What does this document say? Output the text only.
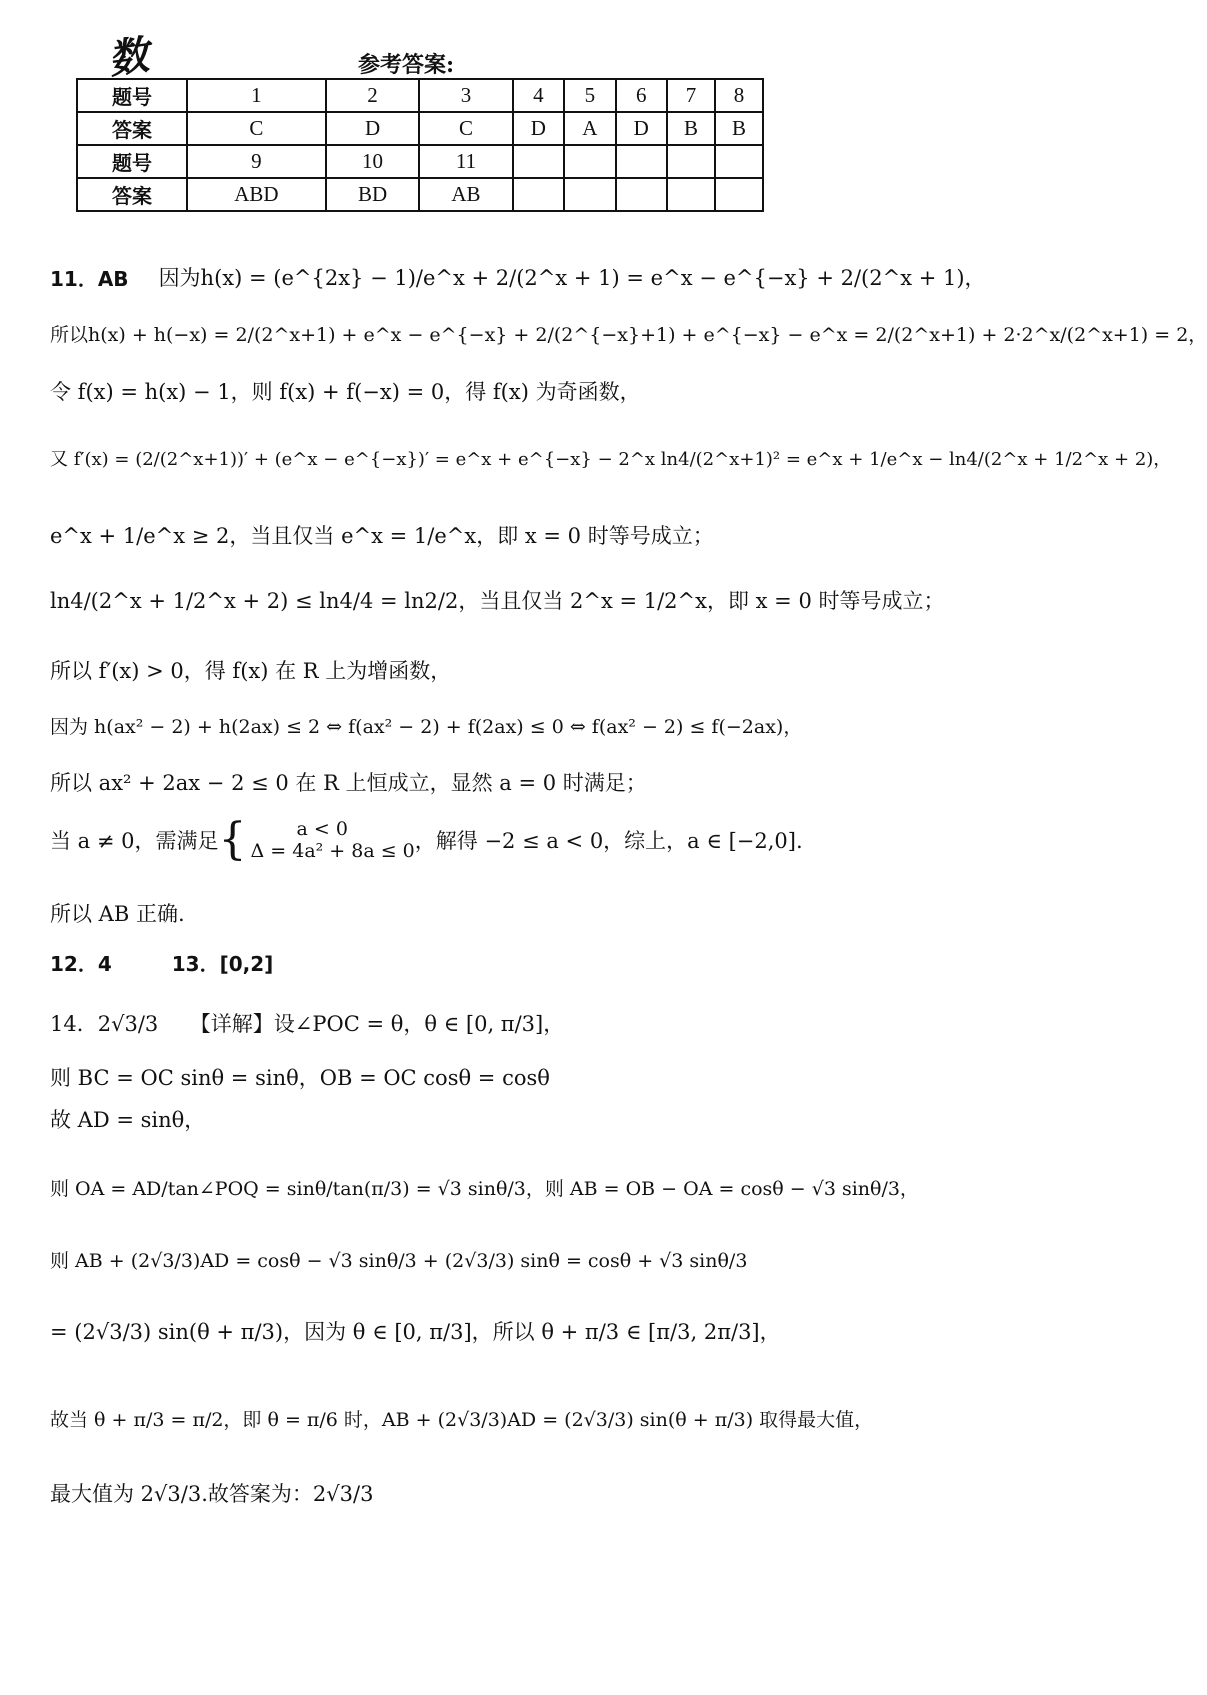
数	参考答案:
题号	1	2	3	4	5	6	7	8
答案	C	D	C	D	A	D	B	B
题号	9	10	11					
答案	ABD	BD	AB					
11．AB 因为h(x) = (e^{2x} − 1)/e^x + 2/(2^x + 1) = e^x − e^{−x} + 2/(2^x + 1)，
所以h(x) + h(−x) = 2/(2^x+1) + e^x − e^{−x} + 2/(2^{−x}+1) + e^{−x} − e^x = 2/(2^x+1) + 2·2^x/(2^x+1) = 2，
令 f(x) = h(x) − 1，则 f(x) + f(−x) = 0，得 f(x) 为奇函数，
又 f′(x) = (2/(2^x+1))′ + (e^x − e^{−x})′ = e^x + e^{−x} − 2^x ln4/(2^x+1)² = e^x + 1/e^x − ln4/(2^x + 1/2^x + 2)，
e^x + 1/e^x ≥ 2，当且仅当 e^x = 1/e^x，即 x = 0 时等号成立；
ln4/(2^x + 1/2^x + 2) ≤ ln4/4 = ln2/2，当且仅当 2^x = 1/2^x，即 x = 0 时等号成立；
所以 f′(x) > 0，得 f(x) 在 R 上为增函数，
因为 h(ax² − 2) + h(2ax) ≤ 2 ⇔ f(ax² − 2) + f(2ax) ≤ 0 ⇔ f(ax² − 2) ≤ f(−2ax)，
所以 ax² + 2ax − 2 ≤ 0 在 R 上恒成立，显然 a = 0 时满足；
当 a ≠ 0，需满足 {	a < 0
Δ = 4a² + 8a ≤ 0 ，解得 −2 ≤ a < 0，综上，a ∈ [−2,0].
所以 AB 正确.
12．4　　　13．[0,2]
14．2√3/3　　【详解】设∠POC = θ，θ ∈ [0, π/3]，
则 BC = OC sinθ = sinθ，OB = OC cosθ = cosθ
故 AD = sinθ，
则 OA = AD/tan∠POQ = sinθ/tan(π/3) = √3 sinθ/3，则 AB = OB − OA = cosθ − √3 sinθ/3，
则 AB + (2√3/3)AD = cosθ − √3 sinθ/3 + (2√3/3) sinθ = cosθ + √3 sinθ/3
= (2√3/3) sin(θ + π/3)，因为 θ ∈ [0, π/3]，所以 θ + π/3 ∈ [π/3, 2π/3]，
故当 θ + π/3 = π/2，即 θ = π/6 时，AB + (2√3/3)AD = (2√3/3) sin(θ + π/3) 取得最大值，
最大值为 2√3/3.故答案为：2√3/3
